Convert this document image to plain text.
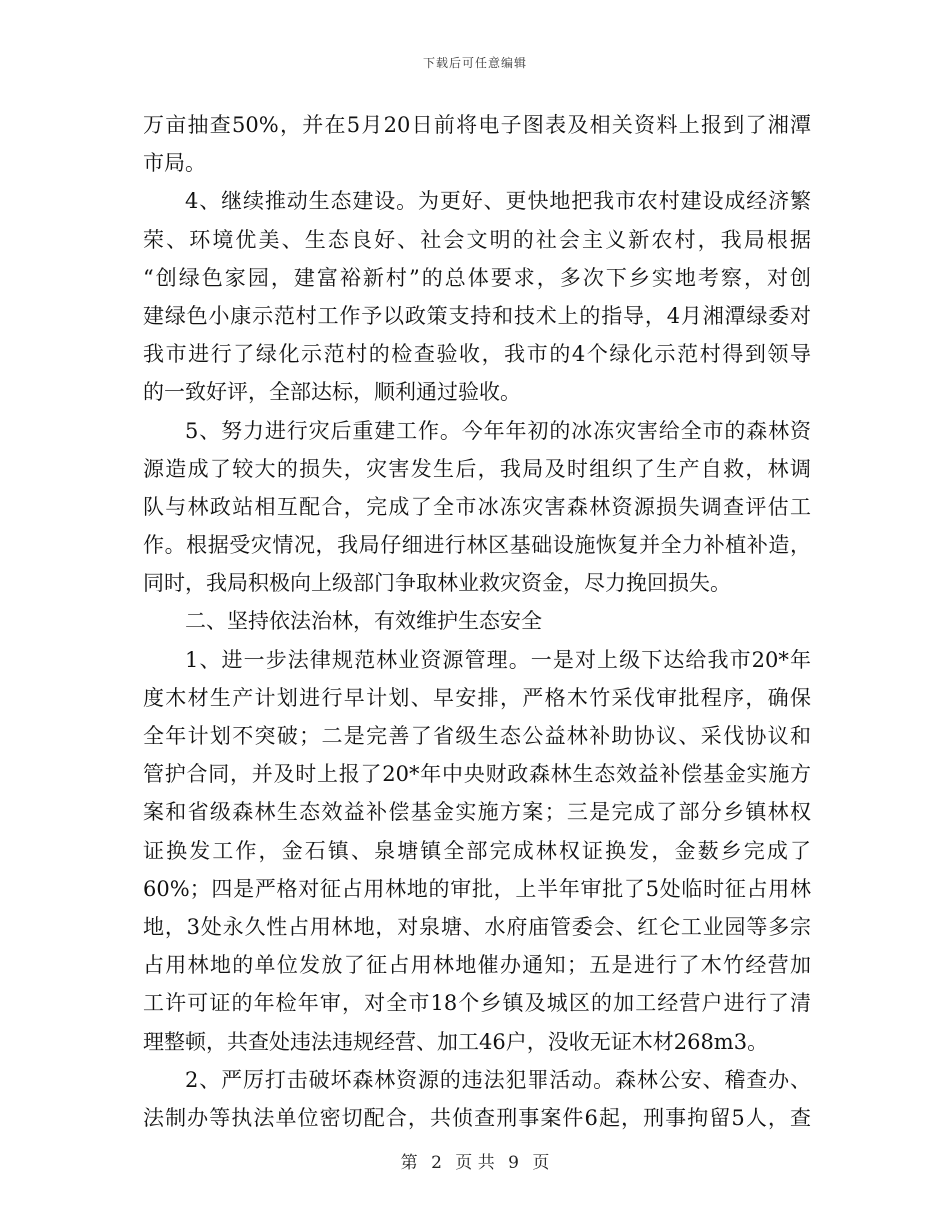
下载后可任意编辑
万亩抽查50%，并在5月20日前将电子图表及相关资料上报到了湘潭
市局。
4、继续推动生态建设。为更好、更快地把我市农村建设成经济繁
荣、环境优美、生态良好、社会文明的社会主义新农村，我局根据
“创绿色家园，建富裕新村”的总体要求，多次下乡实地考察，对创
建绿色小康示范村工作予以政策支持和技术上的指导，4月湘潭绿委对
我市进行了绿化示范村的检查验收，我市的4个绿化示范村得到领导
的一致好评，全部达标，顺利通过验收。
5、努力进行灾后重建工作。今年年初的冰冻灾害给全市的森林资
源造成了较大的损失，灾害发生后，我局及时组织了生产自救，林调
队与林政站相互配合，完成了全市冰冻灾害森林资源损失调查评估工
作。根据受灾情况，我局仔细进行林区基础设施恢复并全力补植补造，
同时，我局积极向上级部门争取林业救灾资金，尽力挽回损失。
二、坚持依法治林，有效维护生态安全
1、进一步法律规范林业资源管理。一是对上级下达给我市20*年
度木材生产计划进行早计划、早安排，严格木竹采伐审批程序，确保
全年计划不突破；二是完善了省级生态公益林补助协议、采伐协议和
管护合同，并及时上报了20*年中央财政森林生态效益补偿基金实施方
案和省级森林生态效益补偿基金实施方案；三是完成了部分乡镇林权
证换发工作，金石镇、泉塘镇全部完成林权证换发，金薮乡完成了
60%；四是严格对征占用林地的审批，上半年审批了5处临时征占用林
地，3处永久性占用林地，对泉塘、水府庙管委会、红仑工业园等多宗
占用林地的单位发放了征占用林地催办通知；五是进行了木竹经营加
工许可证的年检年审，对全市18个乡镇及城区的加工经营户进行了清
理整顿，共查处违法违规经营、加工46户，没收无证木材268m3。
2、严厉打击破坏森林资源的违法犯罪活动。森林公安、稽查办、
法制办等执法单位密切配合，共侦查刑事案件6起，刑事拘留5人，查
第 2 页 共 9 页
